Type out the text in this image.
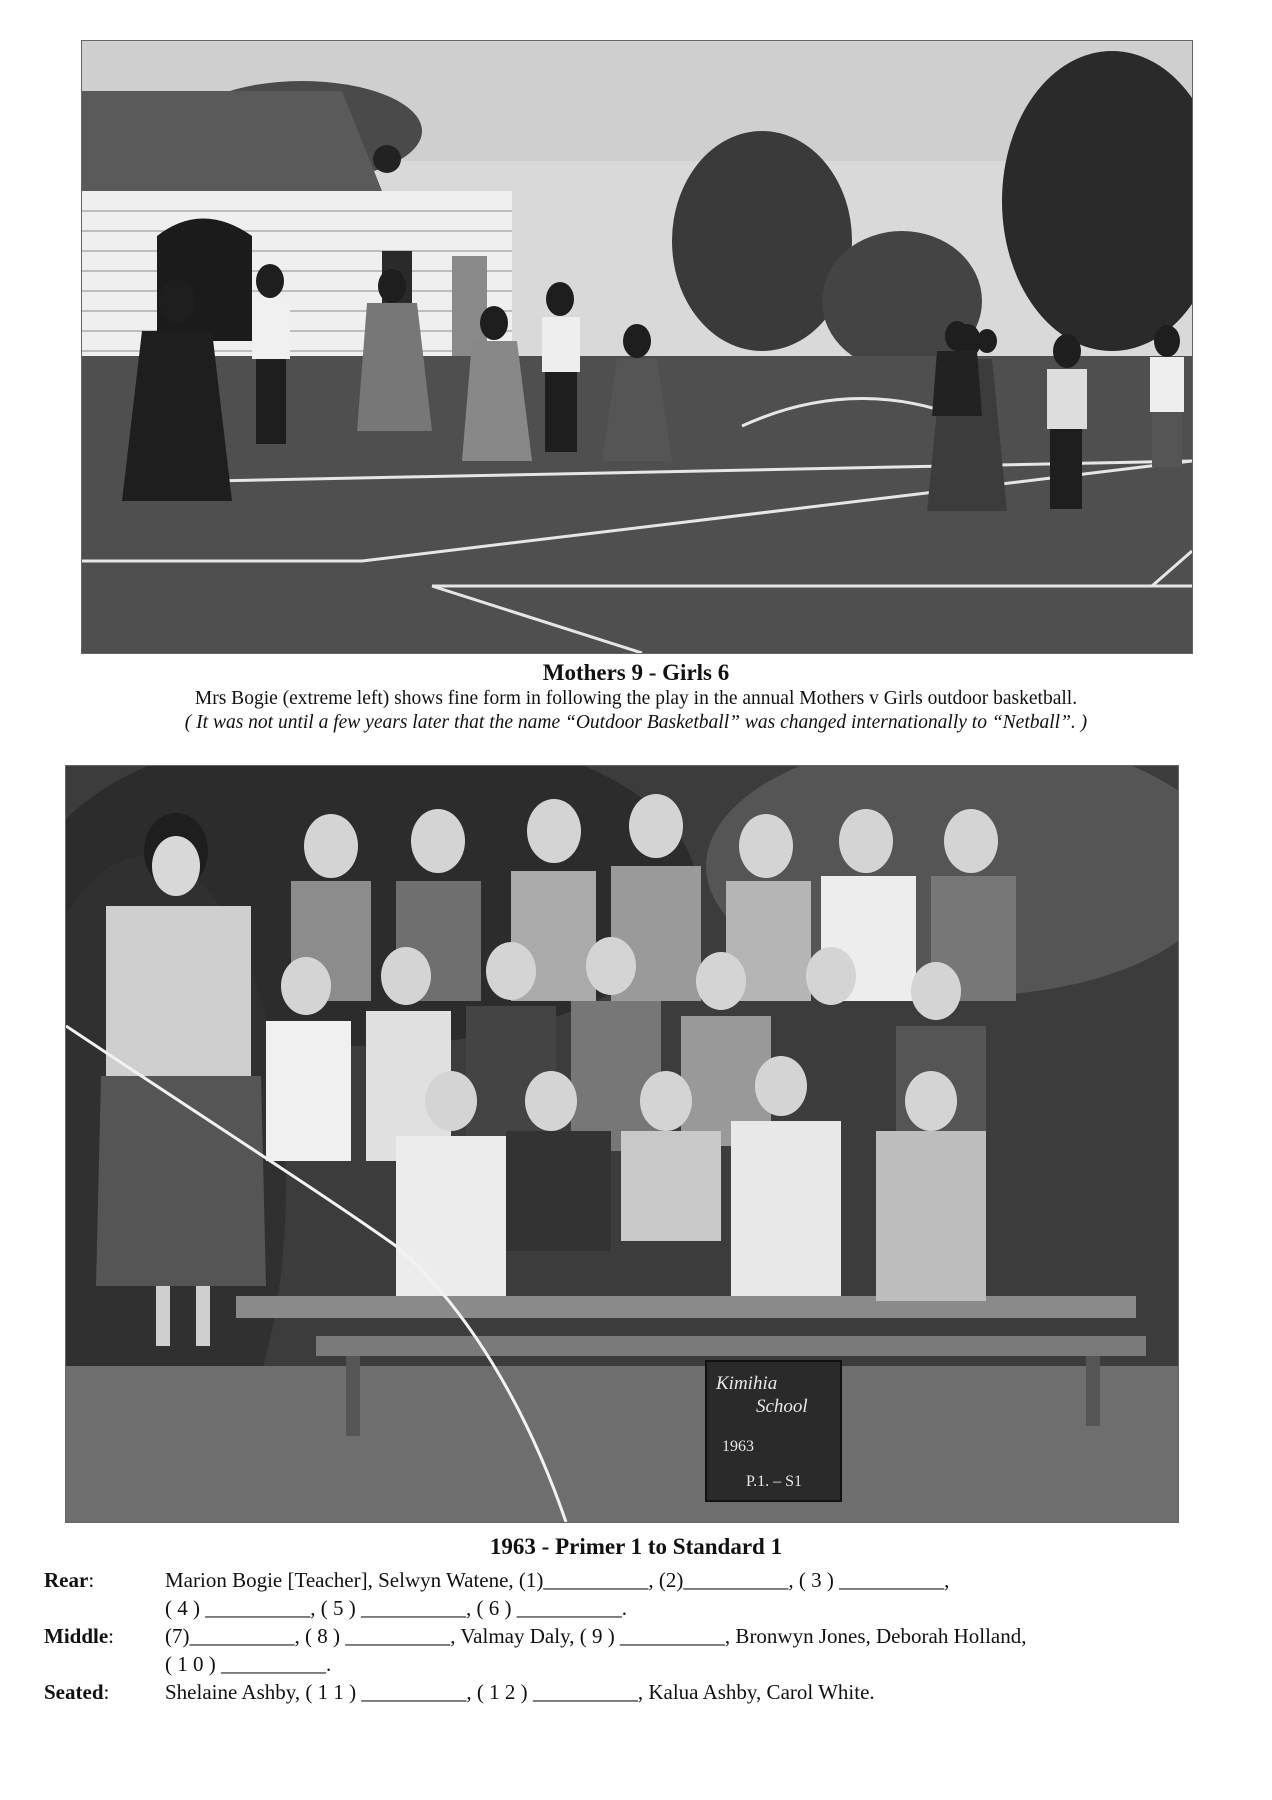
Mothers 9 - Girls 6
Mrs Bogie (extreme left) shows fine form in following the play in the annual Mothers v Girls outdoor basketball.
( It was not until a few years later that the name “Outdoor Basketball” was changed internationally to “Netball”. )
Kimihia
School
1963
P.1. – S1
1963 - Primer 1 to Standard 1
Rear:	Marion Bogie [Teacher], Selwyn Watene, (1)__________, (2)__________, ( 3 ) __________,
( 4 ) __________, ( 5 ) __________, ( 6 ) __________.
Middle:	(7)__________, ( 8 ) __________, Valmay Daly, ( 9 ) __________, Bronwyn Jones, Deborah Holland,
( 1 0 ) __________.
Seated:	Shelaine Ashby, ( 1 1 ) __________, ( 1 2 ) __________, Kalua Ashby, Carol White.
